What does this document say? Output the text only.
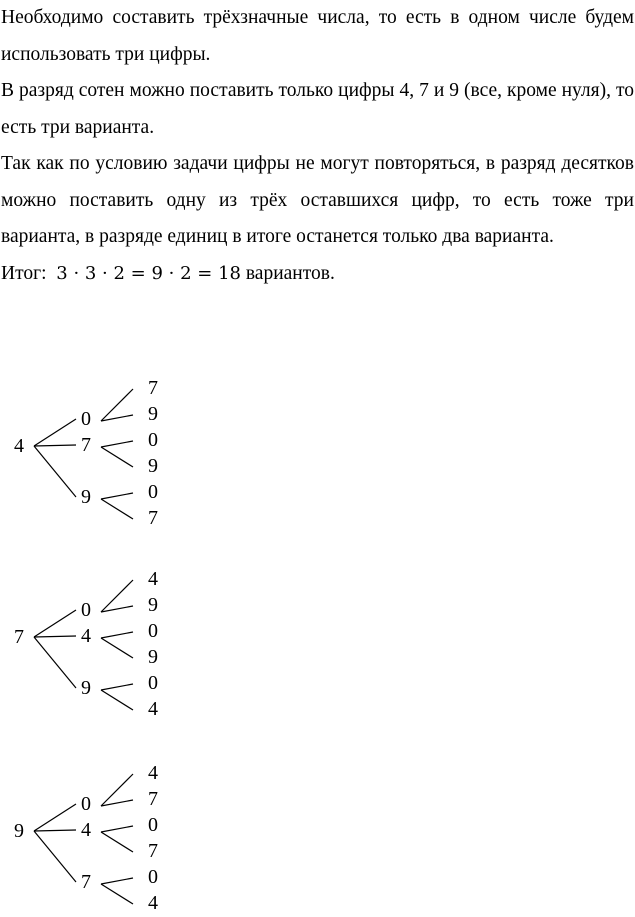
Необходимо составить трёхзначные числа, то есть в одном числе будем использовать три цифры.

В разряд сотен можно поставить только цифры 4, 7 и 9 (все, кроме нуля), то есть три варианта.

Так как по условию задачи цифры не могут повторяться, в разряд десятков можно поставить одну из трёх оставшихся цифр, то есть тоже три варианта, в разряде единиц в итоге останется только два варианта.

Итог: 3 · 3 · 2 = 9 · 2 = 18 вариантов.

4
0
7
9
7	0
9
9	0
7
7
0
4
9
4	0
9
9	0
4
9
0
4
7
4	0
7
7	0
4
